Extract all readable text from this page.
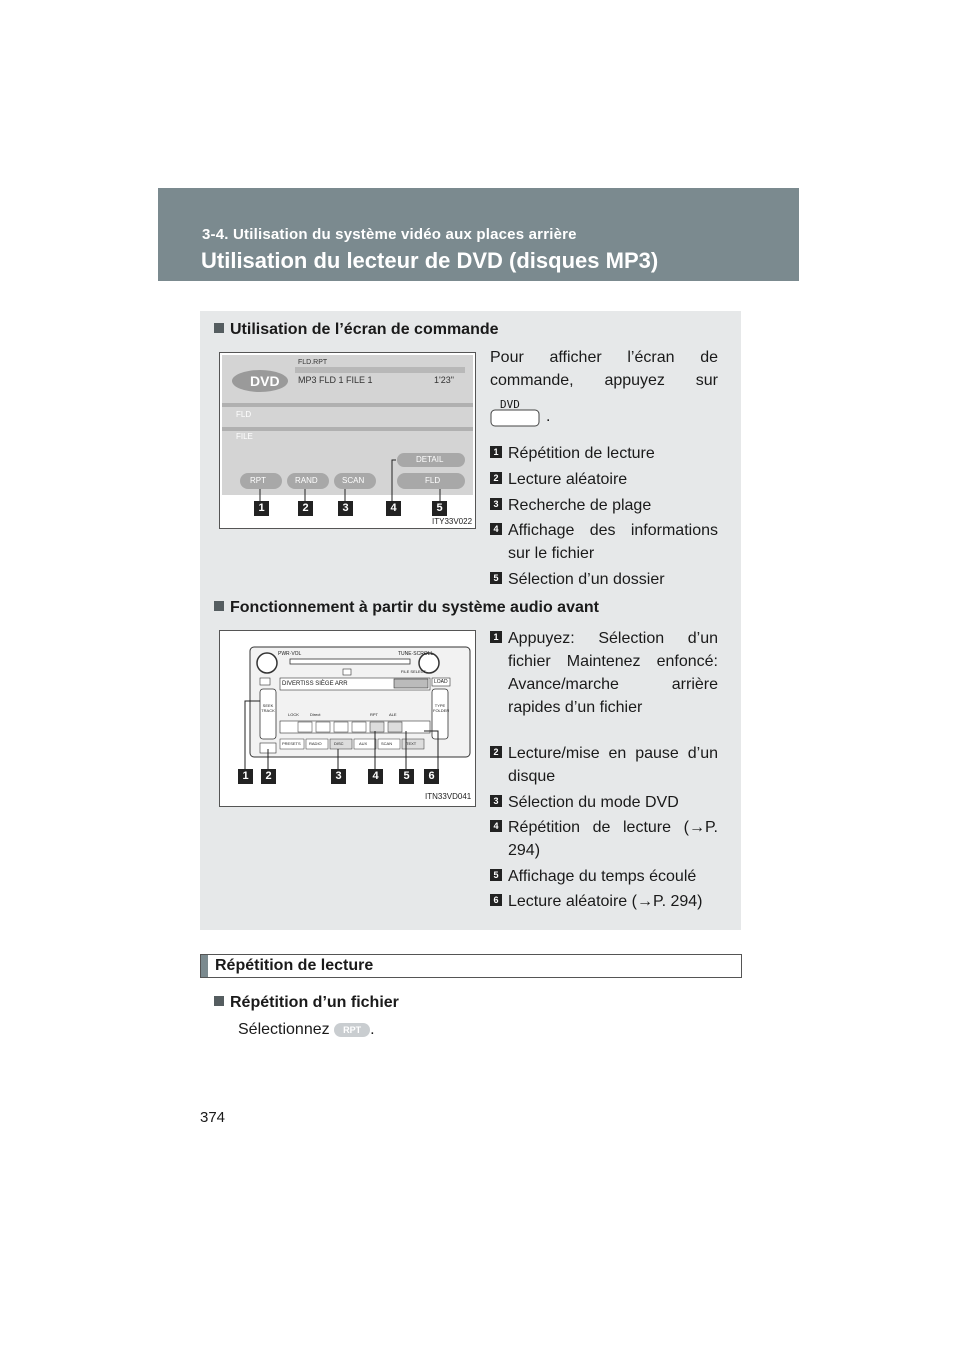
3-4. Utilisation du système vidéo aux places arrière
Utilisation du lecteur de DVD (disques MP3)
Utilisation de l’écran de commande
DVD
FLD.RPT
MP3 FLD 1 FILE 1	1'23"
FLD
FILE
RPT	RAND	SCAN
DETAIL
FLD
1	2	3	4	5
ITY33V022
Pour afficher l’écran de commande, appuyez sur
DVD
.
1 Répétition de lecture
2 Lecture aléatoire
3 Recherche de plage
4 Affichage des informations sur le fichier
5 Sélection d’un dossier
Fonctionnement à partir du système audio avant
PWR·VOL	TUNE·SCROLL
DIVERTISS SIÈGE ARR	LOAD
SEEK TRACK
TYPE FOLDER
LOCK	Direct	RPT	ALE
FILE SELECT
PRESETS RADIO	DISC	AUX	SCAN	TEXT
1	2	3	4	5	6
ITN33VD041
1 Appuyez: Sélection d’un fichier Maintenez enfoncé: Avance/marche arrière rapides d’un fichier
2 Lecture/mise en pause d’un disque
3 Sélection du mode DVD
4 Répétition de lecture (→P. 294)
5 Affichage du temps écoulé
6 Lecture aléatoire (→P. 294)
Répétition de lecture
Répétition d’un fichier
Sélectionnez RPT .
374
